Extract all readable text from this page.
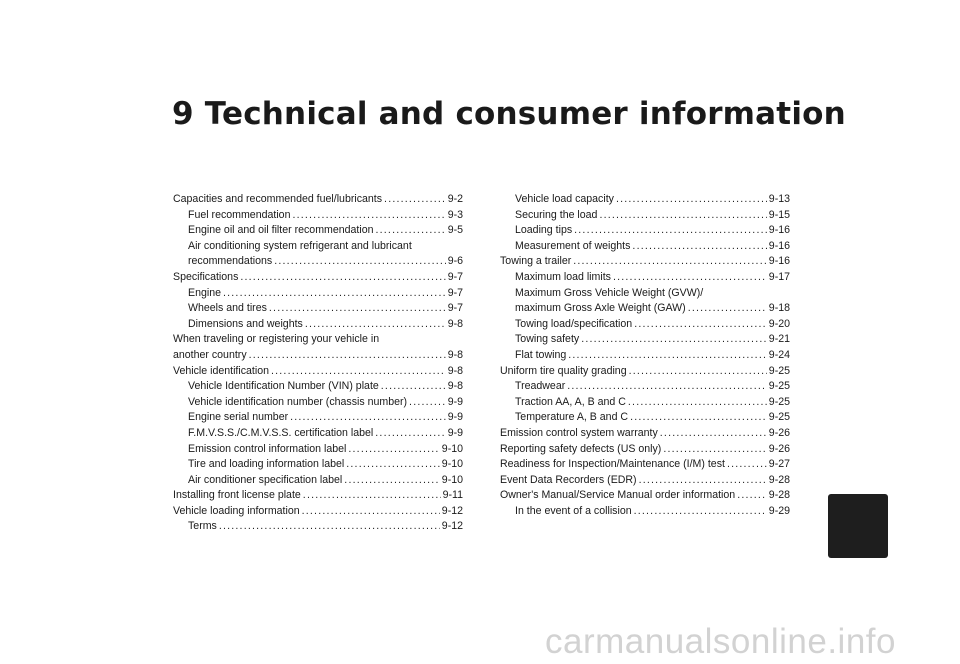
9 Technical and consumer information
Capacities and recommended fuel/lubricants .....	9-2
Fuel recommendation .....	9-3
Engine oil and oil filter recommendation .....	9-5
Air conditioning system refrigerant and lubricant
recommendations .....	9-6
Specifications .....	9-7
Engine .....	9-7
Wheels and tires .....	9-7
Dimensions and weights .....	9-8
When traveling or registering your vehicle in
another country .....	9-8
Vehicle identification .....	9-8
Vehicle Identification Number (VIN) plate .....	9-8
Vehicle identification number (chassis number) .....	9-9
Engine serial number .....	9-9
F.M.V.S.S./C.M.V.S.S. certification label .....	9-9
Emission control information label .....	9-10
Tire and loading information label .....	9-10
Air conditioner specification label .....	9-10
Installing front license plate .....	9-11
Vehicle loading information .....	9-12
Terms .....	9-12
Vehicle load capacity .....	9-13
Securing the load .....	9-15
Loading tips .....	9-16
Measurement of weights .....	9-16
Towing a trailer .....	9-16
Maximum load limits .....	9-17
Maximum Gross Vehicle Weight (GVW)/
maximum Gross Axle Weight (GAW) .....	9-18
Towing load/specification .....	9-20
Towing safety .....	9-21
Flat towing .....	9-24
Uniform tire quality grading .....	9-25
Treadwear .....	9-25
Traction AA, A, B and C .....	9-25
Temperature A, B and C .....	9-25
Emission control system warranty .....	9-26
Reporting safety defects (US only) .....	9-26
Readiness for Inspection/Maintenance (I/M) test .....	9-27
Event Data Recorders (EDR) .....	9-28
Owner's Manual/Service Manual order information .....	9-28
In the event of a collision .....	9-29
carmanualsonline.info
